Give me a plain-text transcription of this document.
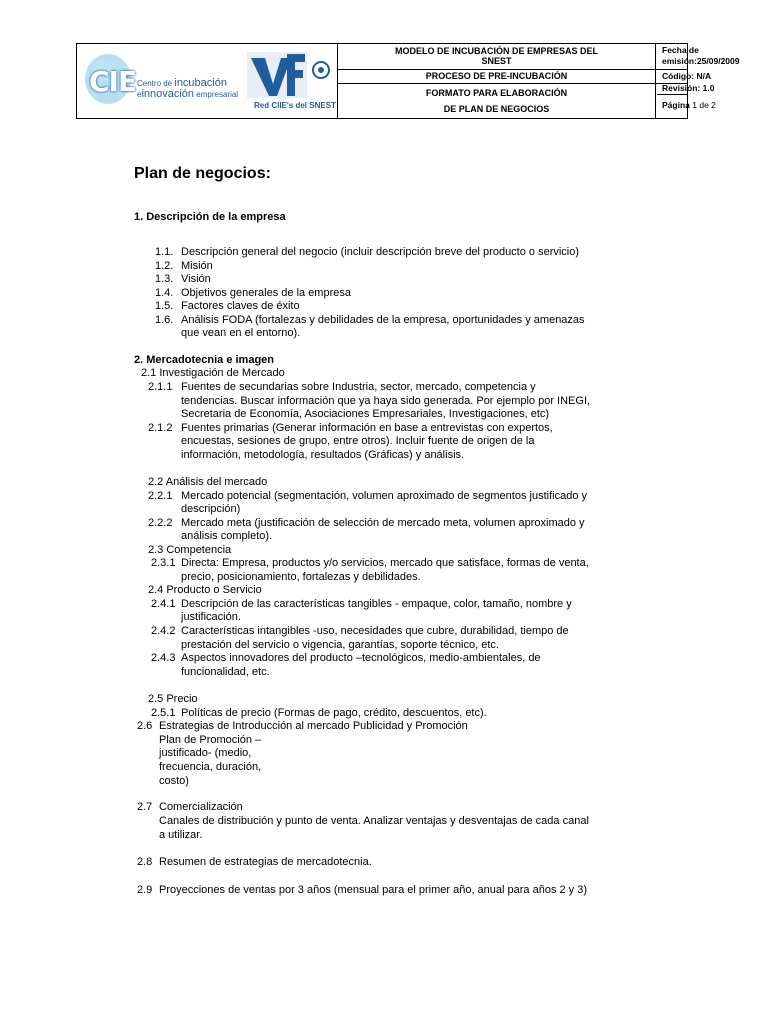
CIE Centro de incubación
einnovación empresarial
Red CIIE's del SNEST
MODELO DE INCUBACIÓN DE EMPRESAS DEL
SNEST
PROCESO DE PRE-INCUBACIÓN
FORMATO PARA ELABORACIÓN
DE PLAN DE NEGOCIOS
Fecha de
emisión:25/09/2009
Código: N/A
Revisión: 1.0
Página 1 de 2
Plan de negocios:
1. Descripción de la empresa
1.1. Descripción general del negocio (incluir descripción breve del producto o servicio)
1.2. Misión
1.3. Visión
1.4. Objetivos generales de la empresa
1.5. Factores claves de éxito
1.6. Análisis FODA (fortalezas y debilidades de la empresa, oportunidades y amenazas
que vean en el entorno).
2. Mercadotecnia e imagen
2.1 Investigación de Mercado
2.1.1 Fuentes de secundarias sobre Industria, sector, mercado, competencia y
tendencias. Buscar información que ya haya sido generada. Por ejemplo por INEGI,
Secretaria de Economía, Asociaciones Empresariales, Investigaciones, etc)
2.1.2 Fuentes primarias (Generar información en base a entrevistas con expertos,
encuestas, sesiones de grupo, entre otros). Incluir fuente de origen de la
información, metodología, resultados (Gráficas) y análisis.
2.2 Análisis del mercado
2.2.1 Mercado potencial (segmentación, volumen aproximado de segmentos justificado y
descripción)
2.2.2 Mercado meta (justificación de selección de mercado meta, volumen aproximado y
análisis completo).
2.3 Competencia
2.3.1 Directa: Empresa, productos y/o servicios, mercado que satisface, formas de venta,
precio, posicionamiento, fortalezas y debilidades.
2.4 Producto o Servicio
2.4.1 Descripción de las características tangibles - empaque, color, tamaño, nombre y
justificación.
2.4.2 Características intangibles -uso, necesidades que cubre, durabilidad, tiempo de
prestación del servicio o vigencia, garantías, soporte técnico, etc.
2.4.3 Aspectos innovadores del producto –tecnológicos, medio-ambientales, de
funcionalidad, etc.
2.5 Precio
2.5.1 Políticas de precio (Formas de pago, crédito, descuentos, etc).
2.6 Estrategias de Introducción al mercado Publicidad y Promoción
Plan de Promoción –
justificado- (medio,
frecuencia, duración,
costo)
2.7 Comercialización
Canales de distribución y punto de venta. Analizar ventajas y desventajas de cada canal
a utilizar.
2.8 Resumen de estrategias de mercadotecnia.
2.9 Proyecciones de ventas por 3 años (mensual para el primer año, anual para años 2 y 3)
